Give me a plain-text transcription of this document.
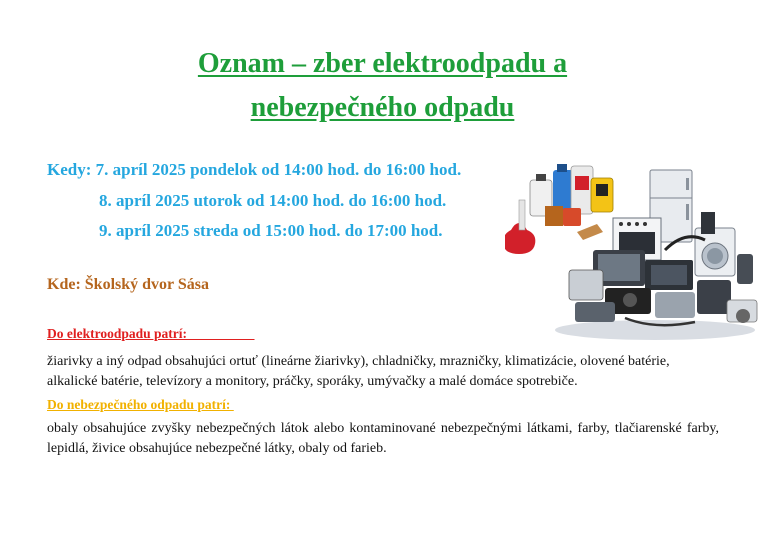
Oznam – zber elektroodpadu a
nebezpečného odpadu
Kedy: 7. apríl 2025 pondelok od 14:00 hod. do 16:00 hod.
8. apríl 2025 utorok od 14:00 hod. do 16:00 hod.
9. apríl 2025 streda od 15:00 hod. do 17:00 hod.
Kde: Školský dvor Sása
Do elektroodpadu patrí:
žiarivky a iný odpad obsahujúci ortuť (lineárne žiarivky), chladničky, mrazničky, klimatizácie, olovené batérie, alkalické batérie, televízory a monitory, práčky, sporáky, umývačky a malé domáce spotrebiče.
Do nebezpečného odpadu patrí:
obaly obsahujúce zvyšky nebezpečných látok alebo kontaminované nebezpečnými látkami, farby, tlačiarenské farby, lepidlá, živice obsahujúce nebezpečné látky, obaly od farieb.
